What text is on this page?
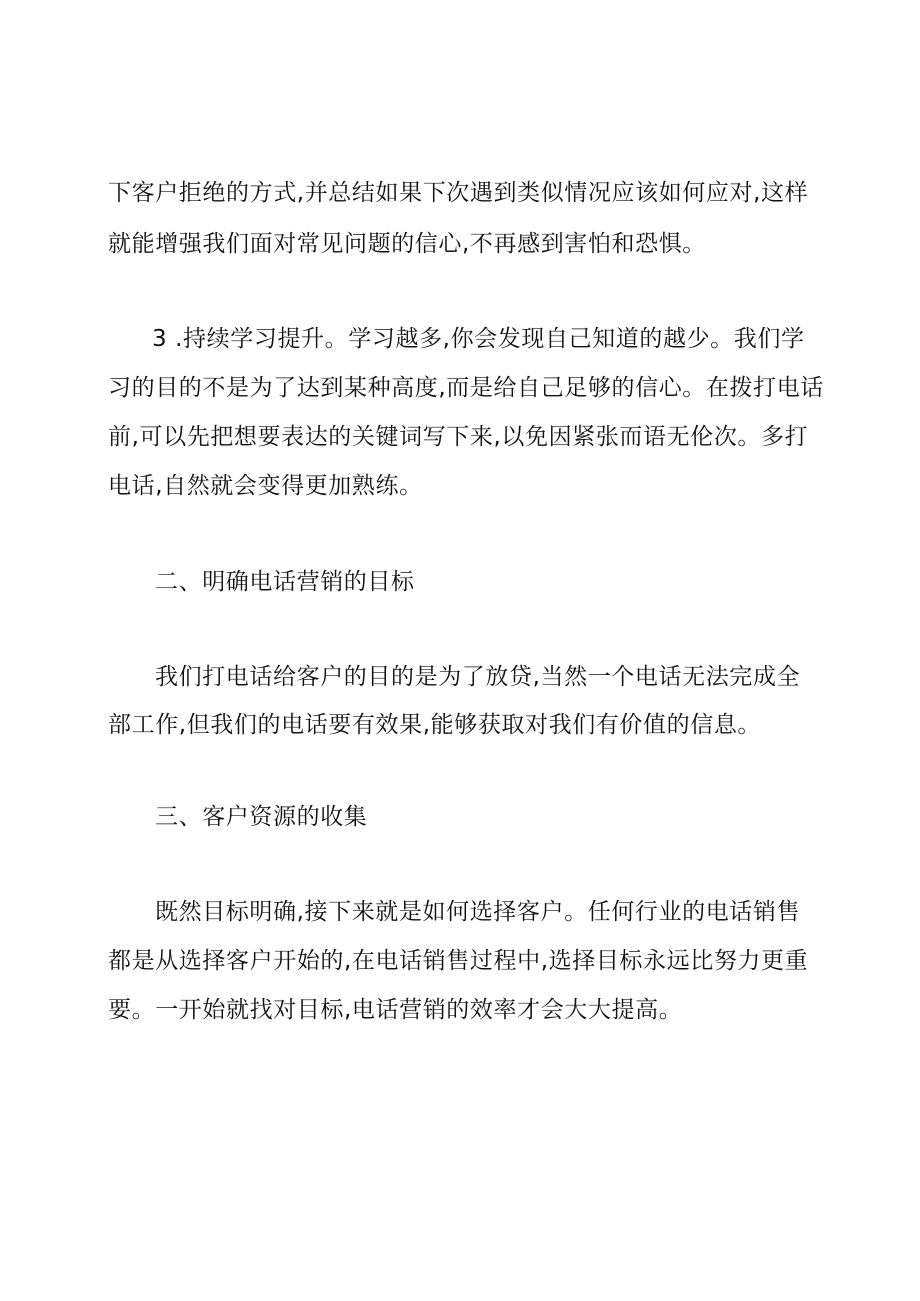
下客户拒绝的方式,并总结如果下次遇到类似情况应该如何应对,这样

就能增强我们面对常见问题的信心,不再感到害怕和恐惧。

3 .持续学习提升。学习越多,你会发现自己知道的越少。我们学

习的目的不是为了达到某种高度,而是给自己足够的信心。在拨打电话

前,可以先把想要表达的关键词写下来,以免因紧张而语无伦次。多打

电话,自然就会变得更加熟练。

二、明确电话营销的目标

我们打电话给客户的目的是为了放贷,当然一个电话无法完成全

部工作,但我们的电话要有效果,能够获取对我们有价值的信息。

三、客户资源的收集

既然目标明确,接下来就是如何选择客户。任何行业的电话销售

都是从选择客户开始的,在电话销售过程中,选择目标永远比努力更重

要。一开始就找对目标,电话营销的效率才会大大提高。
